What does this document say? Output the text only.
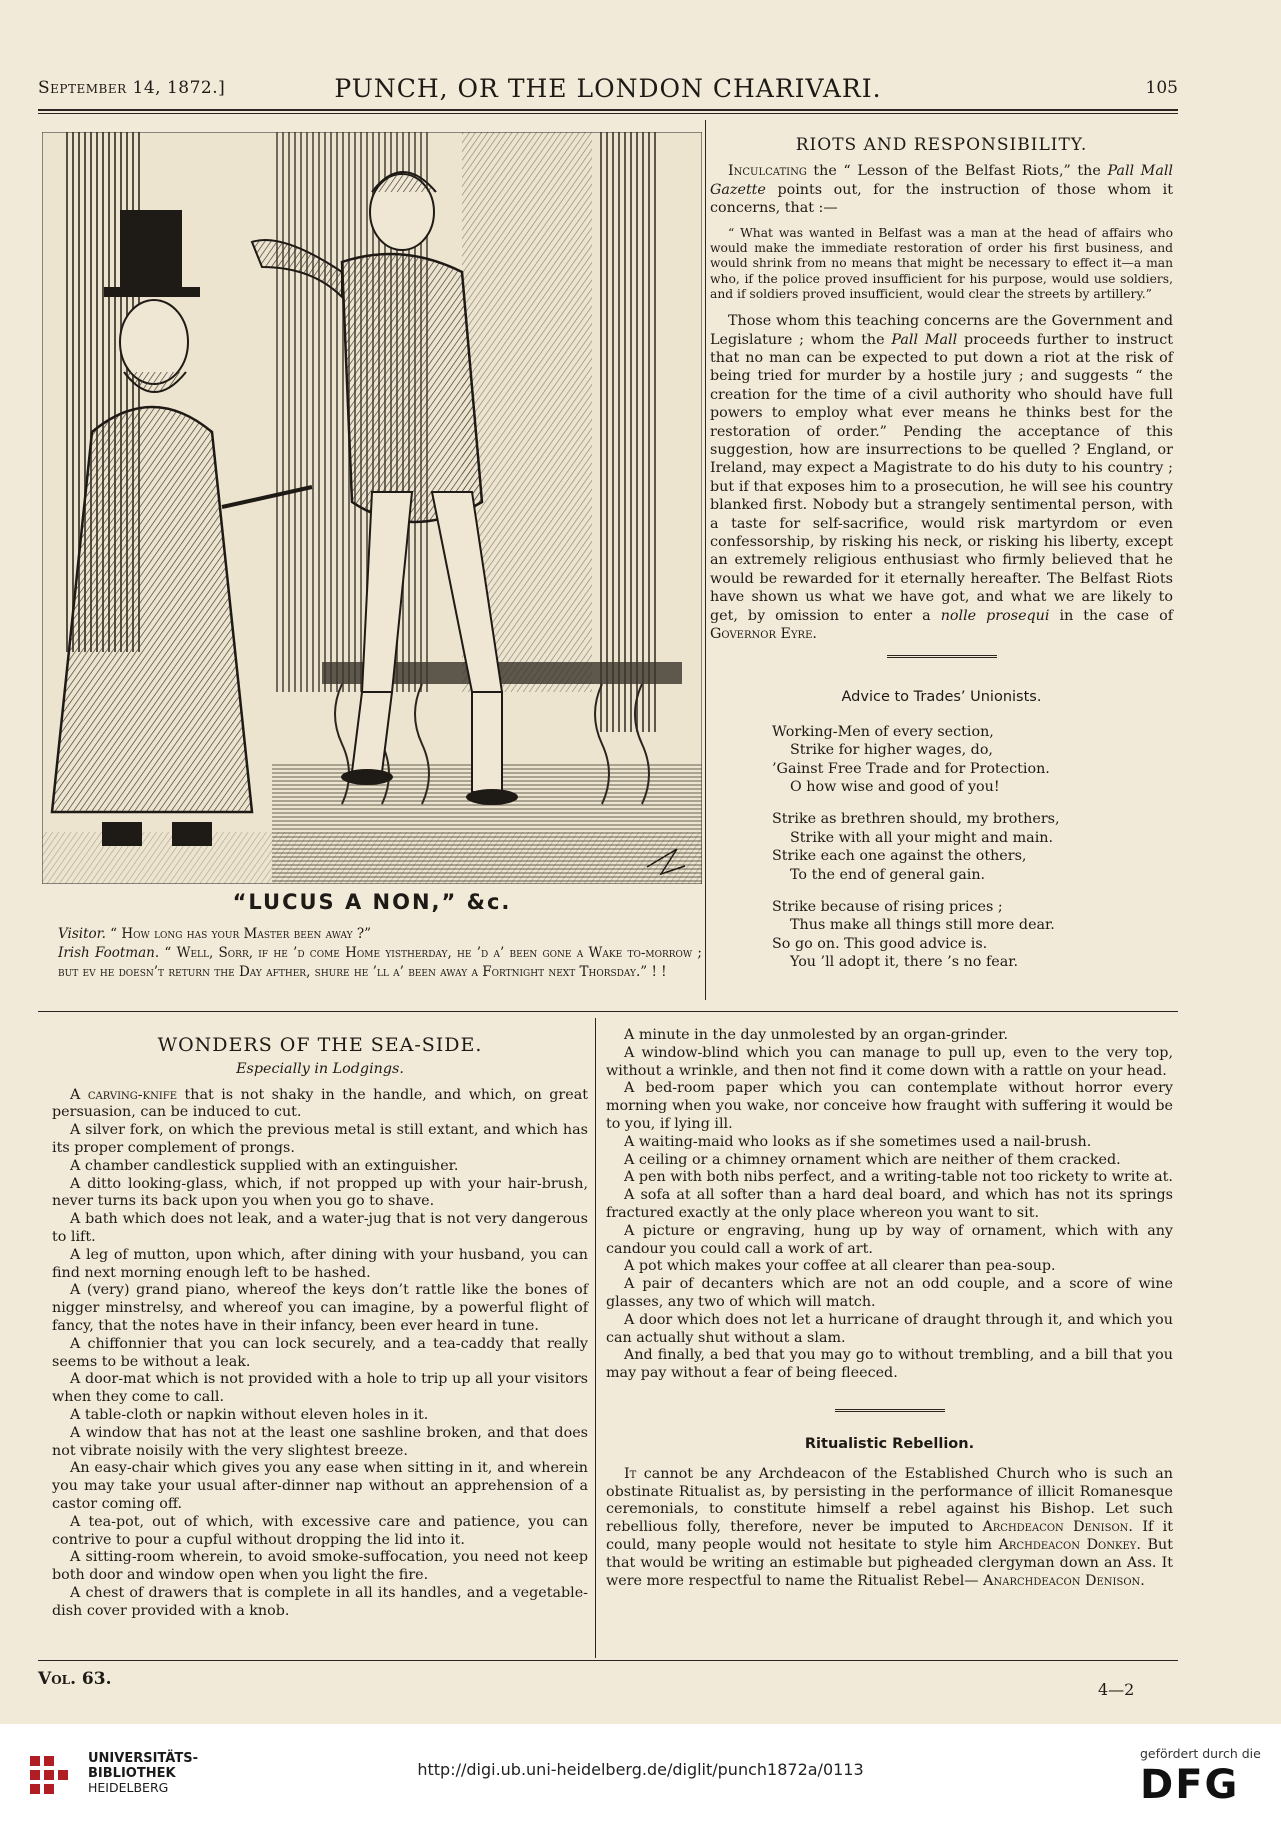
September 14, 1872.]	PUNCH, OR THE LONDON CHARIVARI.	105
“LUCUS A NON,” &c.
Visitor. “ How long has your Master been away ?”
Irish Footman. “ Well, Sorr, if he ’d come Home yistherday, he ’d a’ been gone a Wake to-morrow ; but ev he doesn’t return the Day afther, shure he ’ll a’ been away a Fortnight next Thorsday.” ! !
RIOTS AND RESPONSIBILITY.

Inculcating the “ Lesson of the Belfast Riots,” the Pall Mall Gazette points out, for the instruction of those whom it concerns, that :—

“ What was wanted in Belfast was a man at the head of affairs who would make the immediate restoration of order his first business, and would shrink from no means that might be necessary to effect it—a man who, if the police proved insufficient for his purpose, would use soldiers, and if soldiers proved insufficient, would clear the streets by artillery.”

Those whom this teaching concerns are the Government and Legislature ; whom the Pall Mall proceeds further to instruct that no man can be expected to put down a riot at the risk of being tried for murder by a hostile jury ; and suggests “ the creation for the time of a civil authority who should have full powers to employ what ever means he thinks best for the restoration of order.” Pending the acceptance of this suggestion, how are insurrections to be quelled ? England, or Ireland, may expect a Magistrate to do his duty to his country ; but if that exposes him to a prosecution, he will see his country blanked first. Nobody but a strangely sentimental person, with a taste for self-sacrifice, would risk martyrdom or even confessorship, by risking his neck, or risking his liberty, except an extremely religious enthusiast who firmly believed that he would be rewarded for it eternally hereafter. The Belfast Riots have shown us what we have got, and what we are likely to get, by omission to enter a nolle prosequi in the case of Governor Eyre.

Advice to Trades’ Unionists.
Working-Men of every section,
Strike for higher wages, do,
’Gainst Free Trade and for Protection.
O how wise and good of you!
Strike as brethren should, my brothers,
Strike with all your might and main.
Strike each one against the others,
To the end of general gain.
Strike because of rising prices ;
Thus make all things still more dear.
So go on. This good advice is.
You ’ll adopt it, there ’s no fear.
WONDERS OF THE SEA-SIDE.
Especially in Lodgings.

A carving-knife that is not shaky in the handle, and which, on great persuasion, can be induced to cut.

A silver fork, on which the previous metal is still extant, and which has its proper complement of prongs.

A chamber candlestick supplied with an extinguisher.

A ditto looking-glass, which, if not propped up with your hair-brush, never turns its back upon you when you go to shave.

A bath which does not leak, and a water-jug that is not very dangerous to lift.

A leg of mutton, upon which, after dining with your husband, you can find next morning enough left to be hashed.

A (very) grand piano, whereof the keys don’t rattle like the bones of nigger minstrelsy, and whereof you can imagine, by a powerful flight of fancy, that the notes have in their infancy, been ever heard in tune.

A chiffonnier that you can lock securely, and a tea-caddy that really seems to be without a leak.

A door-mat which is not provided with a hole to trip up all your visitors when they come to call.

A table-cloth or napkin without eleven holes in it.

A window that has not at the least one sashline broken, and that does not vibrate noisily with the very slightest breeze.

An easy-chair which gives you any ease when sitting in it, and wherein you may take your usual after-dinner nap without an apprehension of a castor coming off.

A tea-pot, out of which, with excessive care and patience, you can contrive to pour a cupful without dropping the lid into it.

A sitting-room wherein, to avoid smoke-suffocation, you need not keep both door and window open when you light the fire.

A chest of drawers that is complete in all its handles, and a vegetable-dish cover provided with a knob.

A minute in the day unmolested by an organ-grinder.

A window-blind which you can manage to pull up, even to the very top, without a wrinkle, and then not find it come down with a rattle on your head.

A bed-room paper which you can contemplate without horror every morning when you wake, nor conceive how fraught with suffering it would be to you, if lying ill.

A waiting-maid who looks as if she sometimes used a nail-brush.

A ceiling or a chimney ornament which are neither of them cracked.

A pen with both nibs perfect, and a writing-table not too rickety to write at.

A sofa at all softer than a hard deal board, and which has not its springs fractured exactly at the only place whereon you want to sit.

A picture or engraving, hung up by way of ornament, which with any candour you could call a work of art.

A pot which makes your coffee at all clearer than pea-soup.

A pair of decanters which are not an odd couple, and a score of wine glasses, any two of which will match.

A door which does not let a hurricane of draught through it, and which you can actually shut without a slam.

And finally, a bed that you may go to without trembling, and a bill that you may pay without a fear of being fleeced.

Ritualistic Rebellion.

It cannot be any Archdeacon of the Established Church who is such an obstinate Ritualist as, by persisting in the performance of illicit Romanesque ceremonials, to constitute himself a rebel against his Bishop. Let such rebellious folly, therefore, never be imputed to Archdeacon Denison. If it could, many people would not hesitate to style him Archdeacon Donkey. But that would be writing an estimable but pigheaded clergyman down an Ass. It were more respectful to name the Ritualist Rebel— Anarchdeacon Denison.

Vol. 63.
4—2
UNIVERSITÄTS-
BIBLIOTHEK
HEIDELBERG
http://digi.ub.uni-heidelberg.de/diglit/punch1872a/0113
gefördert durch die
DFG
